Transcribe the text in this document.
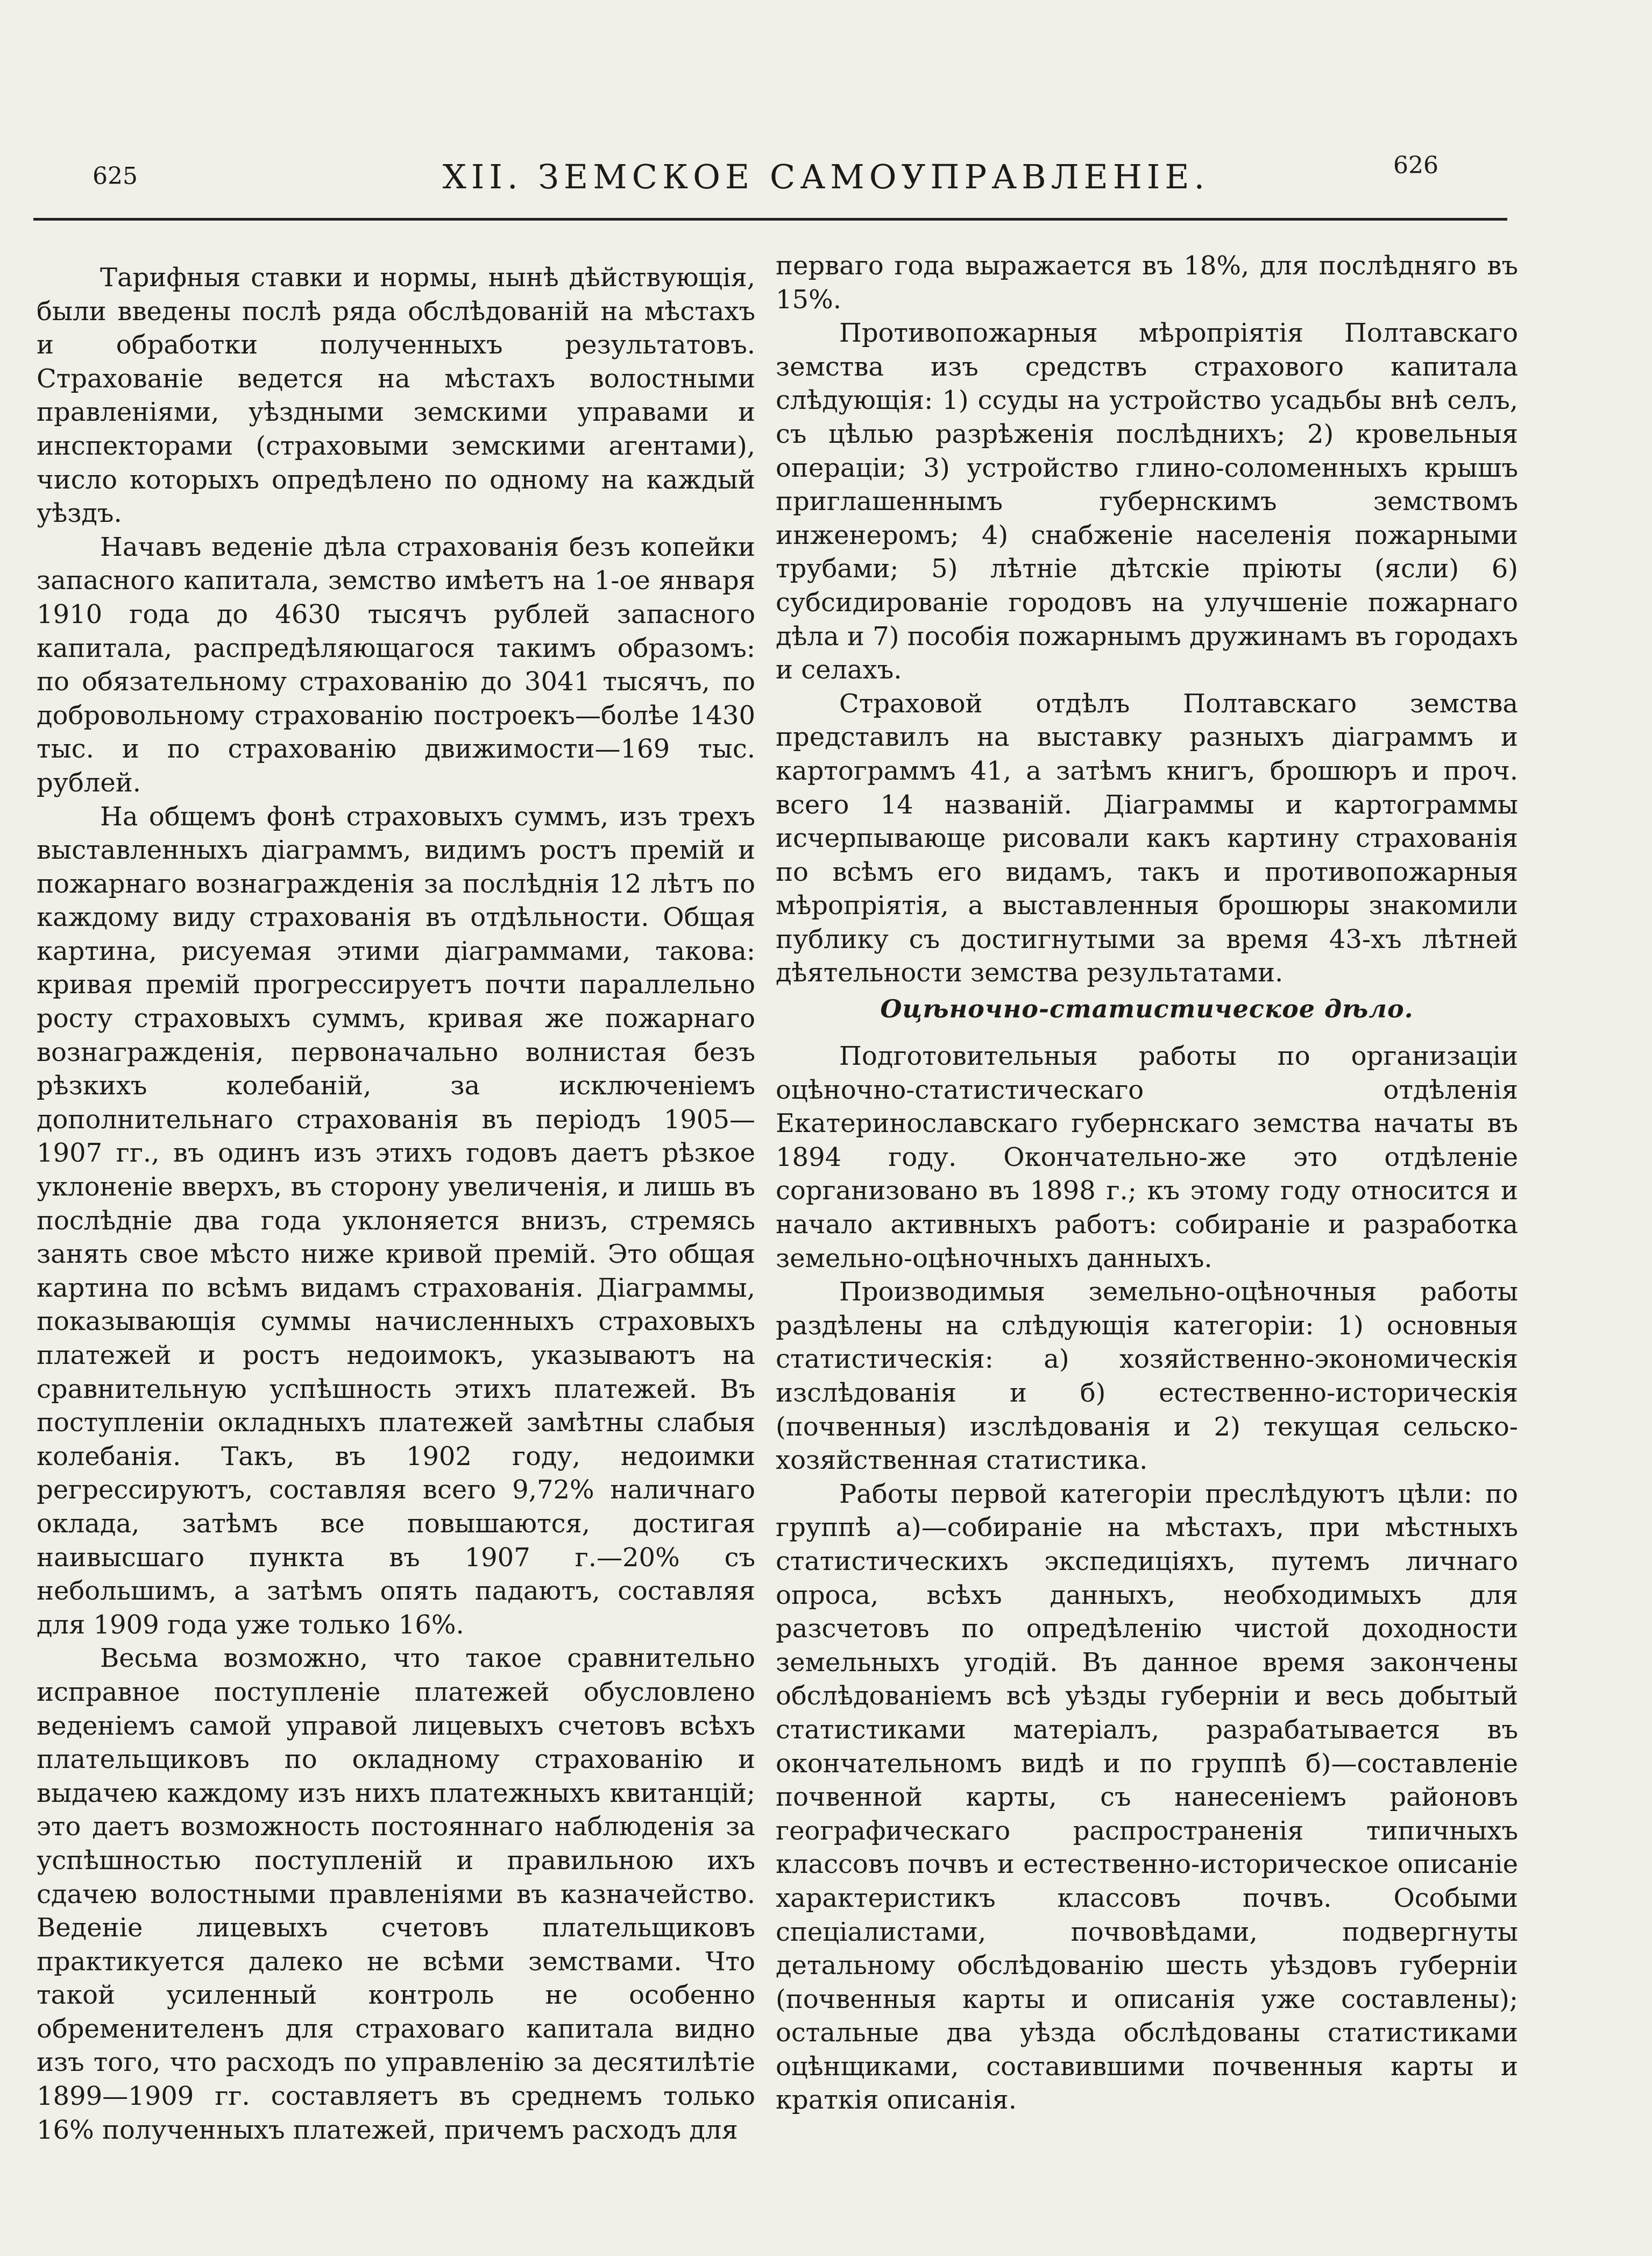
625	XII. ЗЕМСКОЕ САМОУПРАВЛЕНІЕ.	626

Тарифныя ставки и нормы, нынѣ дѣйствующія, были введены послѣ ряда обслѣдованій на мѣстахъ и обработки полученныхъ результатовъ. Страхованіе ведется на мѣстахъ волостными правленіями, уѣздными земскими управами и инспекторами (страховыми земскими агентами), число которыхъ опредѣлено по одному на каждый уѣздъ.

Начавъ веденіе дѣла страхованія безъ копейки запасного капитала, земство имѣетъ на 1-ое января 1910 года до 4630 тысячъ рублей запасного капитала, распредѣляющагося такимъ образомъ: по обязательному страхованію до 3041 тысячъ, по добровольному страхованію построекъ—болѣе 1430 тыс. и по страхованію движимости—169 тыс. рублей.

На общемъ фонѣ страховыхъ суммъ, изъ трехъ выставленныхъ діаграммъ, видимъ ростъ премій и пожарнаго вознагражденія за послѣднія 12 лѣтъ по каждому виду страхованія въ отдѣльности. Общая картина, рисуемая этими діаграммами, такова: кривая премій прогрессируетъ почти параллельно росту страховыхъ суммъ, кривая же пожарнаго вознагражденія, первоначально волнистая безъ рѣзкихъ колебаній, за исключеніемъ дополнительнаго страхованія въ періодъ 1905—1907 гг., въ одинъ изъ этихъ годовъ даетъ рѣзкое уклоненіе вверхъ, въ сторону увеличенія, и лишь въ послѣдніе два года уклоняется внизъ, стремясь занять свое мѣсто ниже кривой премій. Это общая картина по всѣмъ видамъ страхованія. Діаграммы, показывающія суммы начисленныхъ страховыхъ платежей и ростъ недоимокъ, указываютъ на сравнительную успѣшность этихъ платежей. Въ поступленіи окладныхъ платежей замѣтны слабыя колебанія. Такъ, въ 1902 году, недоимки регрессируютъ, составляя всего 9,72% наличнаго оклада, затѣмъ все повышаются, достигая наивысшаго пункта въ 1907 г.—20% съ небольшимъ, а затѣмъ опять падаютъ, составляя для 1909 года уже только 16%.

Весьма возможно, что такое сравнительно исправное поступленіе платежей обусловлено веденіемъ самой управой лицевыхъ счетовъ всѣхъ плательщиковъ по окладному страхованію и выдачею каждому изъ нихъ платежныхъ квитанцій; это даетъ возможность постояннаго наблюденія за успѣшностью поступленій и правильною ихъ сдачею волостными правленіями въ казначейство. Веденіе лицевыхъ счетовъ плательщиковъ практикуется далеко не всѣми земствами. Что такой усиленный контроль не особенно обременителенъ для страховаго капитала видно изъ того, что расходъ по управленію за десятилѣтіе 1899—1909 гг. составляетъ въ среднемъ только 16% полученныхъ платежей, причемъ расходъ для

перваго года выражается въ 18%, для послѣдняго въ 15%.

Противопожарныя мѣропріятія Полтавскаго земства изъ средствъ страхового капитала слѣдующія: 1) ссуды на устройство усадьбы внѣ селъ, съ цѣлью разрѣженія послѣднихъ; 2) кровельныя операціи; 3) устройство глино-соломенныхъ крышъ приглашеннымъ губернскимъ земствомъ инженеромъ; 4) снабженіе населенія пожарными трубами; 5) лѣтніе дѣтскіе пріюты (ясли) 6) субсидированіе городовъ на улучшеніе пожарнаго дѣла и 7) пособія пожарнымъ дружинамъ въ городахъ и селахъ.

Страховой отдѣлъ Полтавскаго земства представилъ на выставку разныхъ діаграммъ и картограммъ 41, а затѣмъ книгъ, брошюръ и проч. всего 14 названій. Діаграммы и картограммы исчерпывающе рисовали какъ картину страхованія по всѣмъ его видамъ, такъ и противопожарныя мѣропріятія, а выставленныя брошюры знакомили публику съ достигнутыми за время 43-хъ лѣтней дѣятельности земства результатами.

Оцѣночно-статистическое дѣло.

Подготовительныя работы по организаціи оцѣночно-статистическаго отдѣленія Екатеринославскаго губернскаго земства начаты въ 1894 году. Окончательно-же это отдѣленіе сорганизовано въ 1898 г.; къ этому году относится и начало активныхъ работъ: собираніе и разработка земельно-оцѣночныхъ данныхъ.

Производимыя земельно-оцѣночныя работы раздѣлены на слѣдующія категоріи: 1) основныя статистическія: а) хозяйственно-экономическія изслѣдованія и б) естественно-историческія (почвенныя) изслѣдованія и 2) текущая сельско-хозяйственная статистика.

Работы первой категоріи преслѣдуютъ цѣли: по группѣ а)—собираніе на мѣстахъ, при мѣстныхъ статистическихъ экспедиціяхъ, путемъ личнаго опроса, всѣхъ данныхъ, необходимыхъ для разсчетовъ по опредѣленію чистой доходности земельныхъ угодій. Въ данное время закончены обслѣдованіемъ всѣ уѣзды губерніи и весь добытый статистиками матеріалъ, разрабатывается въ окончательномъ видѣ и по группѣ б)—составленіе почвенной карты, съ нанесеніемъ районовъ географическаго распространенія типичныхъ классовъ почвъ и естественно-историческое описаніе характеристикъ классовъ почвъ. Особыми спеціалистами, почвовѣдами, подвергнуты детальному обслѣдованію шесть уѣздовъ губерніи (почвенныя карты и описанія уже составлены); остальные два уѣзда обслѣдованы статистиками оцѣнщиками, составившими почвенныя карты и краткія описанія.
